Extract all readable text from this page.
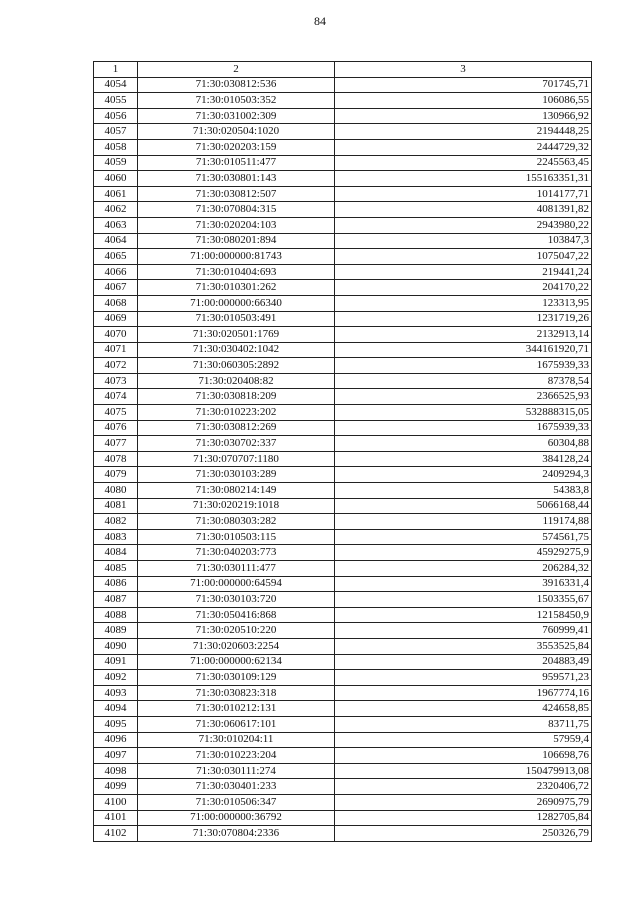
84
1	2	3
4054	71:30:030812:536	701745,71
4055	71:30:010503:352	106086,55
4056	71:30:031002:309	130966,92
4057	71:30:020504:1020	2194448,25
4058	71:30:020203:159	2444729,32
4059	71:30:010511:477	2245563,45
4060	71:30:030801:143	155163351,31
4061	71:30:030812:507	1014177,71
4062	71:30:070804:315	4081391,82
4063	71:30:020204:103	2943980,22
4064	71:30:080201:894	103847,3
4065	71:00:000000:81743	1075047,22
4066	71:30:010404:693	219441,24
4067	71:30:010301:262	204170,22
4068	71:00:000000:66340	123313,95
4069	71:30:010503:491	1231719,26
4070	71:30:020501:1769	2132913,14
4071	71:30:030402:1042	344161920,71
4072	71:30:060305:2892	1675939,33
4073	71:30:020408:82	87378,54
4074	71:30:030818:209	2366525,93
4075	71:30:010223:202	532888315,05
4076	71:30:030812:269	1675939,33
4077	71:30:030702:337	60304,88
4078	71:30:070707:1180	384128,24
4079	71:30:030103:289	2409294,3
4080	71:30:080214:149	54383,8
4081	71:30:020219:1018	5066168,44
4082	71:30:080303:282	119174,88
4083	71:30:010503:115	574561,75
4084	71:30:040203:773	45929275,9
4085	71:30:030111:477	206284,32
4086	71:00:000000:64594	3916331,4
4087	71:30:030103:720	1503355,67
4088	71:30:050416:868	12158450,9
4089	71:30:020510:220	760999,41
4090	71:30:020603:2254	3553525,84
4091	71:00:000000:62134	204883,49
4092	71:30:030109:129	959571,23
4093	71:30:030823:318	1967774,16
4094	71:30:010212:131	424658,85
4095	71:30:060617:101	83711,75
4096	71:30:010204:11	57959,4
4097	71:30:010223:204	106698,76
4098	71:30:030111:274	150479913,08
4099	71:30:030401:233	2320406,72
4100	71:30:010506:347	2690975,79
4101	71:00:000000:36792	1282705,84
4102	71:30:070804:2336	250326,79
